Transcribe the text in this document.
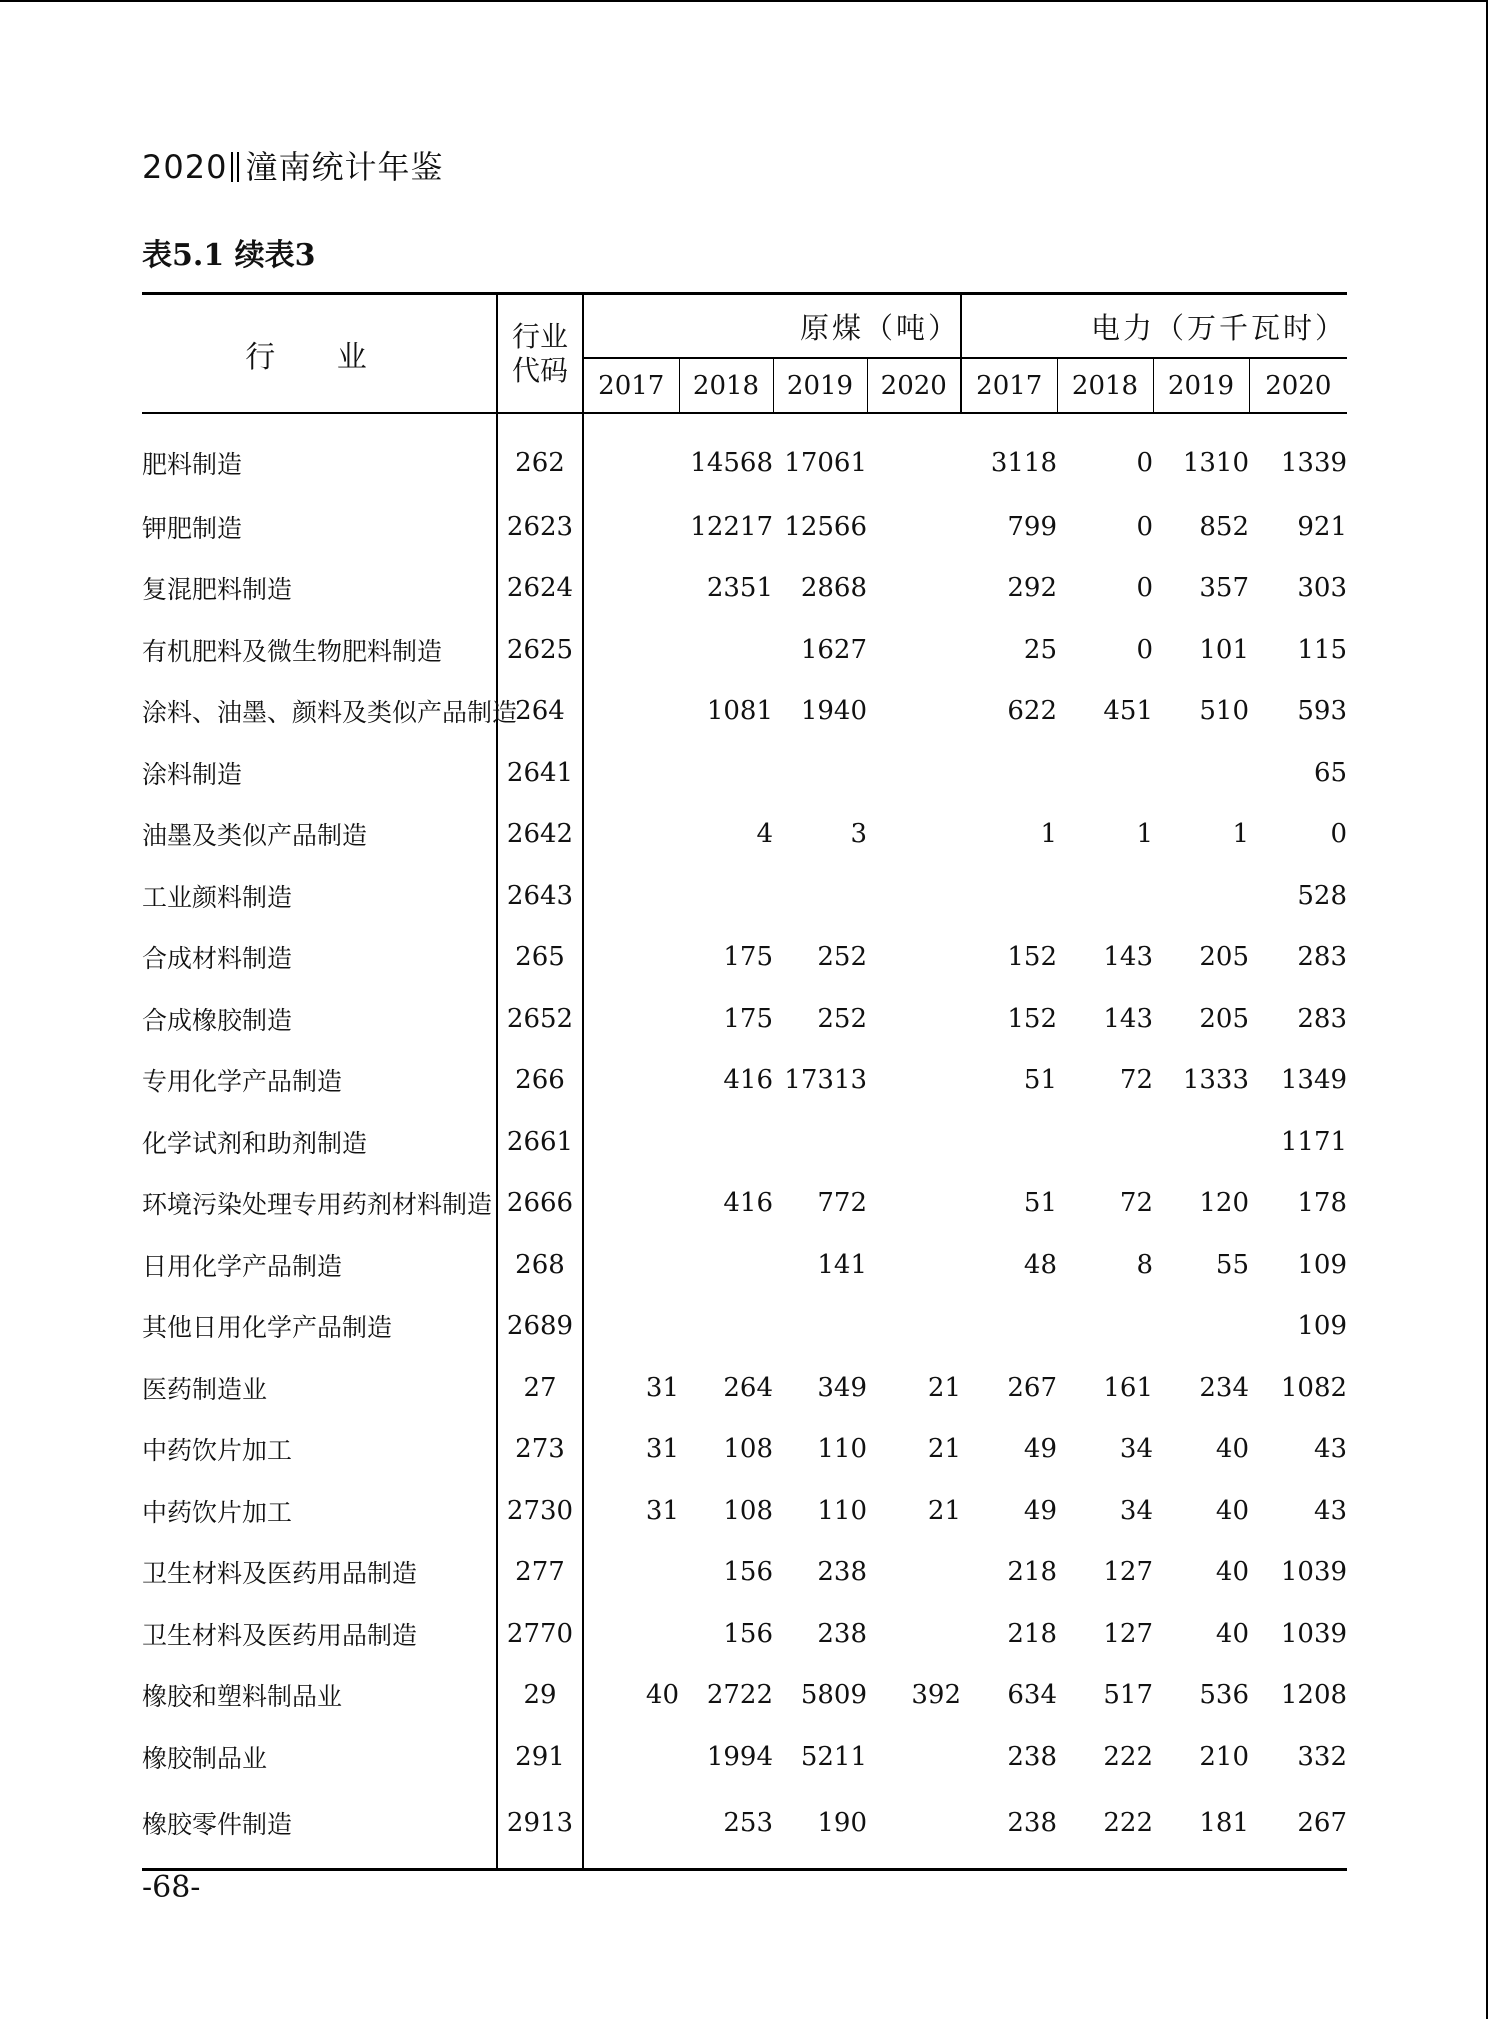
2020 潼南统计年鉴
表5.1 续表3
行 业	行业代码	原煤（吨）				电力（万千瓦时）			
		2017	2018	2019	2020	2017	2018	2019	2020
肥料制造	262		14568	17061		3118	0	1310	1339
钾肥制造	2623		12217	12566		799	0	852	921
复混肥料制造	2624		2351	2868		292	0	357	303
有机肥料及微生物肥料制造	2625			1627		25	0	101	115
涂料、油墨、颜料及类似产品制造	264		1081	1940		622	451	510	593
涂料制造	2641								65
油墨及类似产品制造	2642		4	3		1	1	1	0
工业颜料制造	2643								528
合成材料制造	265		175	252		152	143	205	283
合成橡胶制造	2652		175	252		152	143	205	283
专用化学产品制造	266		416	17313		51	72	1333	1349
化学试剂和助剂制造	2661								1171
环境污染处理专用药剂材料制造	2666		416	772		51	72	120	178
日用化学产品制造	268			141		48	8	55	109
其他日用化学产品制造	2689								109
医药制造业	27	31	264	349	21	267	161	234	1082
中药饮片加工	273	31	108	110	21	49	34	40	43
中药饮片加工	2730	31	108	110	21	49	34	40	43
卫生材料及医药用品制造	277		156	238		218	127	40	1039
卫生材料及医药用品制造	2770		156	238		218	127	40	1039
橡胶和塑料制品业	29	40	2722	5809	392	634	517	536	1208
橡胶制品业	291		1994	5211		238	222	210	332
橡胶零件制造	2913		253	190		238	222	181	267
-68-
